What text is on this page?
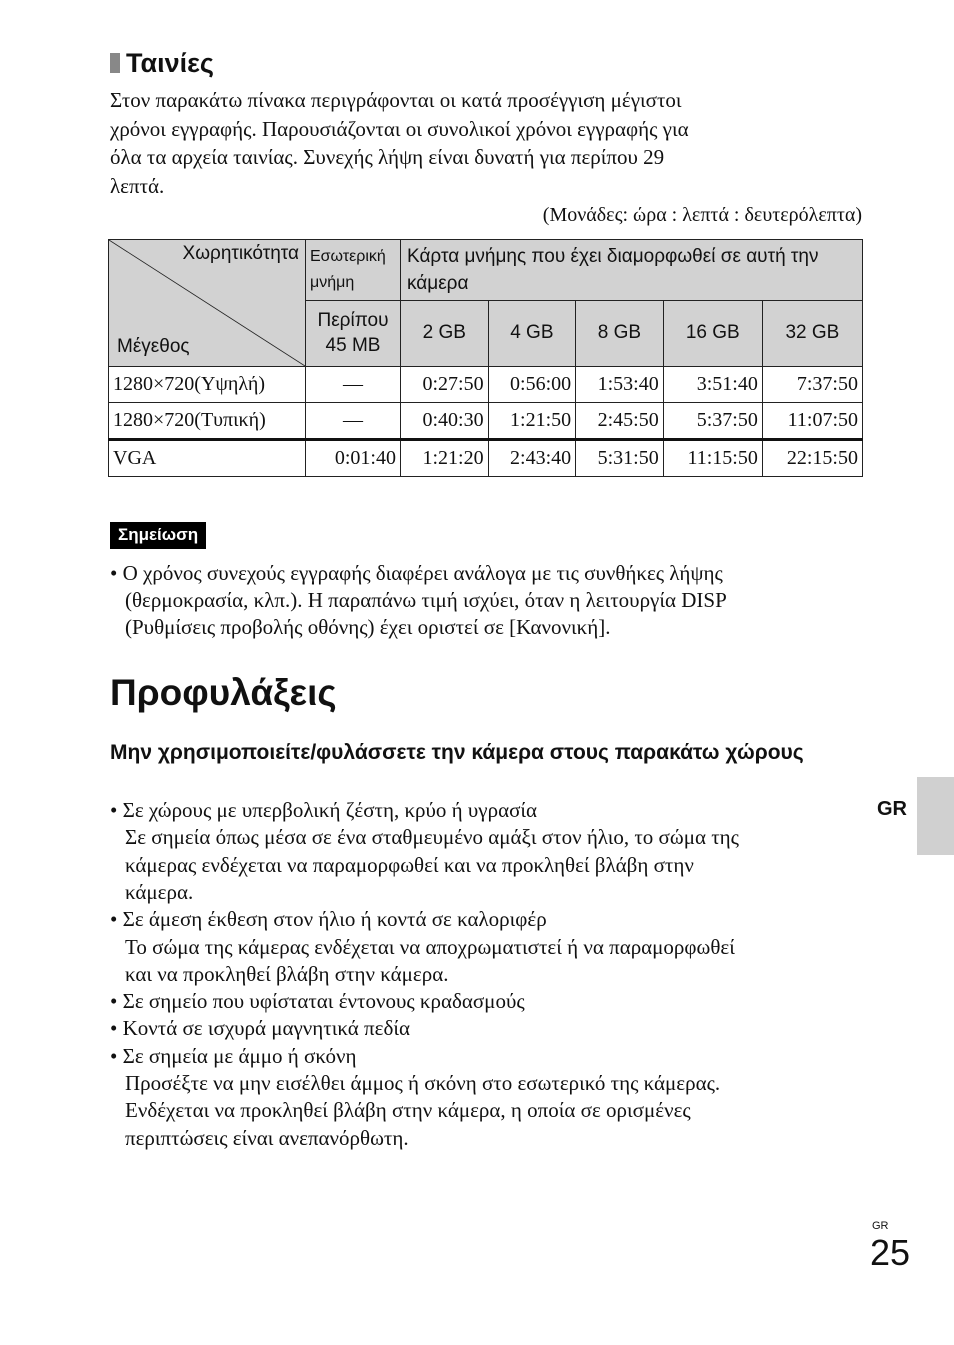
Ταινίες
Στον παρακάτω πίνακα περιγράφονται οι κατά προσέγγιση μέγιστοι
χρόνοι εγγραφής. Παρουσιάζονται οι συνολικοί χρόνοι εγγραφής για
όλα τα αρχεία ταινίας. Συνεχής λήψη είναι δυνατή για περίπου 29
λεπτά.
(Μονάδες: ώρα : λεπτά : δευτερόλεπτα)
Χωρητικότητα
Μέγεθος	Εσωτερική μνήμη	Κάρτα μνήμης που έχει διαμορφωθεί σε αυτή την κάμερα				
	Περίπου 45 MB	2 GB	4 GB	8 GB	16 GB	32 GB
1280×720(Υψηλή)	—	0:27:50	0:56:00	1:53:40	3:51:40	7:37:50
1280×720(Τυπική)	—	0:40:30	1:21:50	2:45:50	5:37:50	11:07:50
VGA	0:01:40	1:21:20	2:43:40	5:31:50	11:15:50	22:15:50
Σημείωση
• Ο χρόνος συνεχούς εγγραφής διαφέρει ανάλογα με τις συνθήκες λήψης
(θερμοκρασία, κλπ.). Η παραπάνω τιμή ισχύει, όταν η λειτουργία DISP
(Ρυθμίσεις προβολής οθόνης) έχει οριστεί σε [Κανονική].
Προφυλάξεις
Μην χρησιμοποιείτε/φυλάσσετε την κάμερα στους παρακάτω χώρους
• Σε χώρους με υπερβολική ζέστη, κρύο ή υγρασία
Σε σημεία όπως μέσα σε ένα σταθμευμένο αμάξι στον ήλιο, το σώμα της
κάμερας ενδέχεται να παραμορφωθεί και να προκληθεί βλάβη στην
κάμερα.
• Σε άμεση έκθεση στον ήλιο ή κοντά σε καλοριφέρ
Το σώμα της κάμερας ενδέχεται να αποχρωματιστεί ή να παραμορφωθεί
και να προκληθεί βλάβη στην κάμερα.
• Σε σημείο που υφίσταται έντονους κραδασμούς
• Κοντά σε ισχυρά μαγνητικά πεδία
• Σε σημεία με άμμο ή σκόνη
Προσέξτε να μην εισέλθει άμμος ή σκόνη στο εσωτερικό της κάμερας.
Ενδέχεται να προκληθεί βλάβη στην κάμερα, η οποία σε ορισμένες
περιπτώσεις είναι ανεπανόρθωτη.
GR
GR
25
